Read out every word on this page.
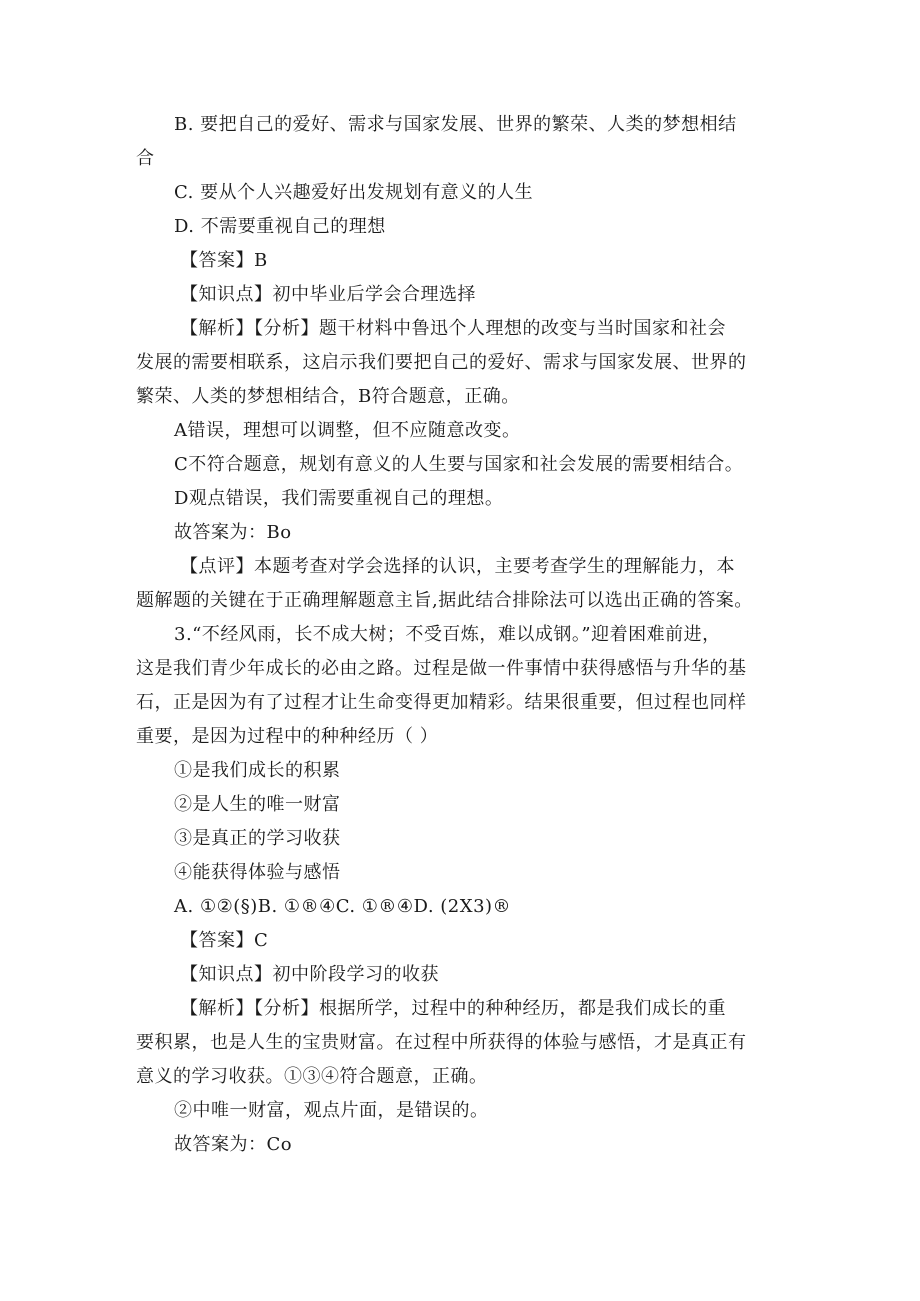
B. 要把自己的爱好、需求与国家发展、世界的繁荣、人类的梦想相结
合
C. 要从个人兴趣爱好出发规划有意义的人生
D. 不需要重视自己的理想
【答案】B
【知识点】初中毕业后学会合理选择
【解析】【分析】题干材料中鲁迅个人理想的改变与当时国家和社会
发展的需要相联系，这启示我们要把自己的爱好、需求与国家发展、世界的
繁荣、人类的梦想相结合，B符合题意，正确。
A错误，理想可以调整，但不应随意改变。
C不符合题意，规划有意义的人生要与国家和社会发展的需要相结合。
D观点错误，我们需要重视自己的理想。
故答案为：Bo
【点评】本题考查对学会选择的认识，主要考查学生的理解能力，本
题解题的关键在于正确理解题意主旨,据此结合排除法可以选出正确的答案。
3.“不经风雨，长不成大树；不受百炼，难以成钢。”迎着困难前进，
这是我们青少年成长的必由之路。过程是做一件事情中获得感悟与升华的基
石，正是因为有了过程才让生命变得更加精彩。结果很重要，但过程也同样
重要，是因为过程中的种种经历（ ）
①是我们成长的积累
②是人生的唯一财富
③是真正的学习收获
④能获得体验与感悟
A. ①②(§)B. ①®④C. ①®④D. (2X3)®
【答案】C
【知识点】初中阶段学习的收获
【解析】【分析】根据所学，过程中的种种经历，都是我们成长的重
要积累，也是人生的宝贵财富。在过程中所获得的体验与感悟，才是真正有
意义的学习收获。①③④符合题意，正确。
②中唯一财富，观点片面，是错误的。
故答案为：Co
